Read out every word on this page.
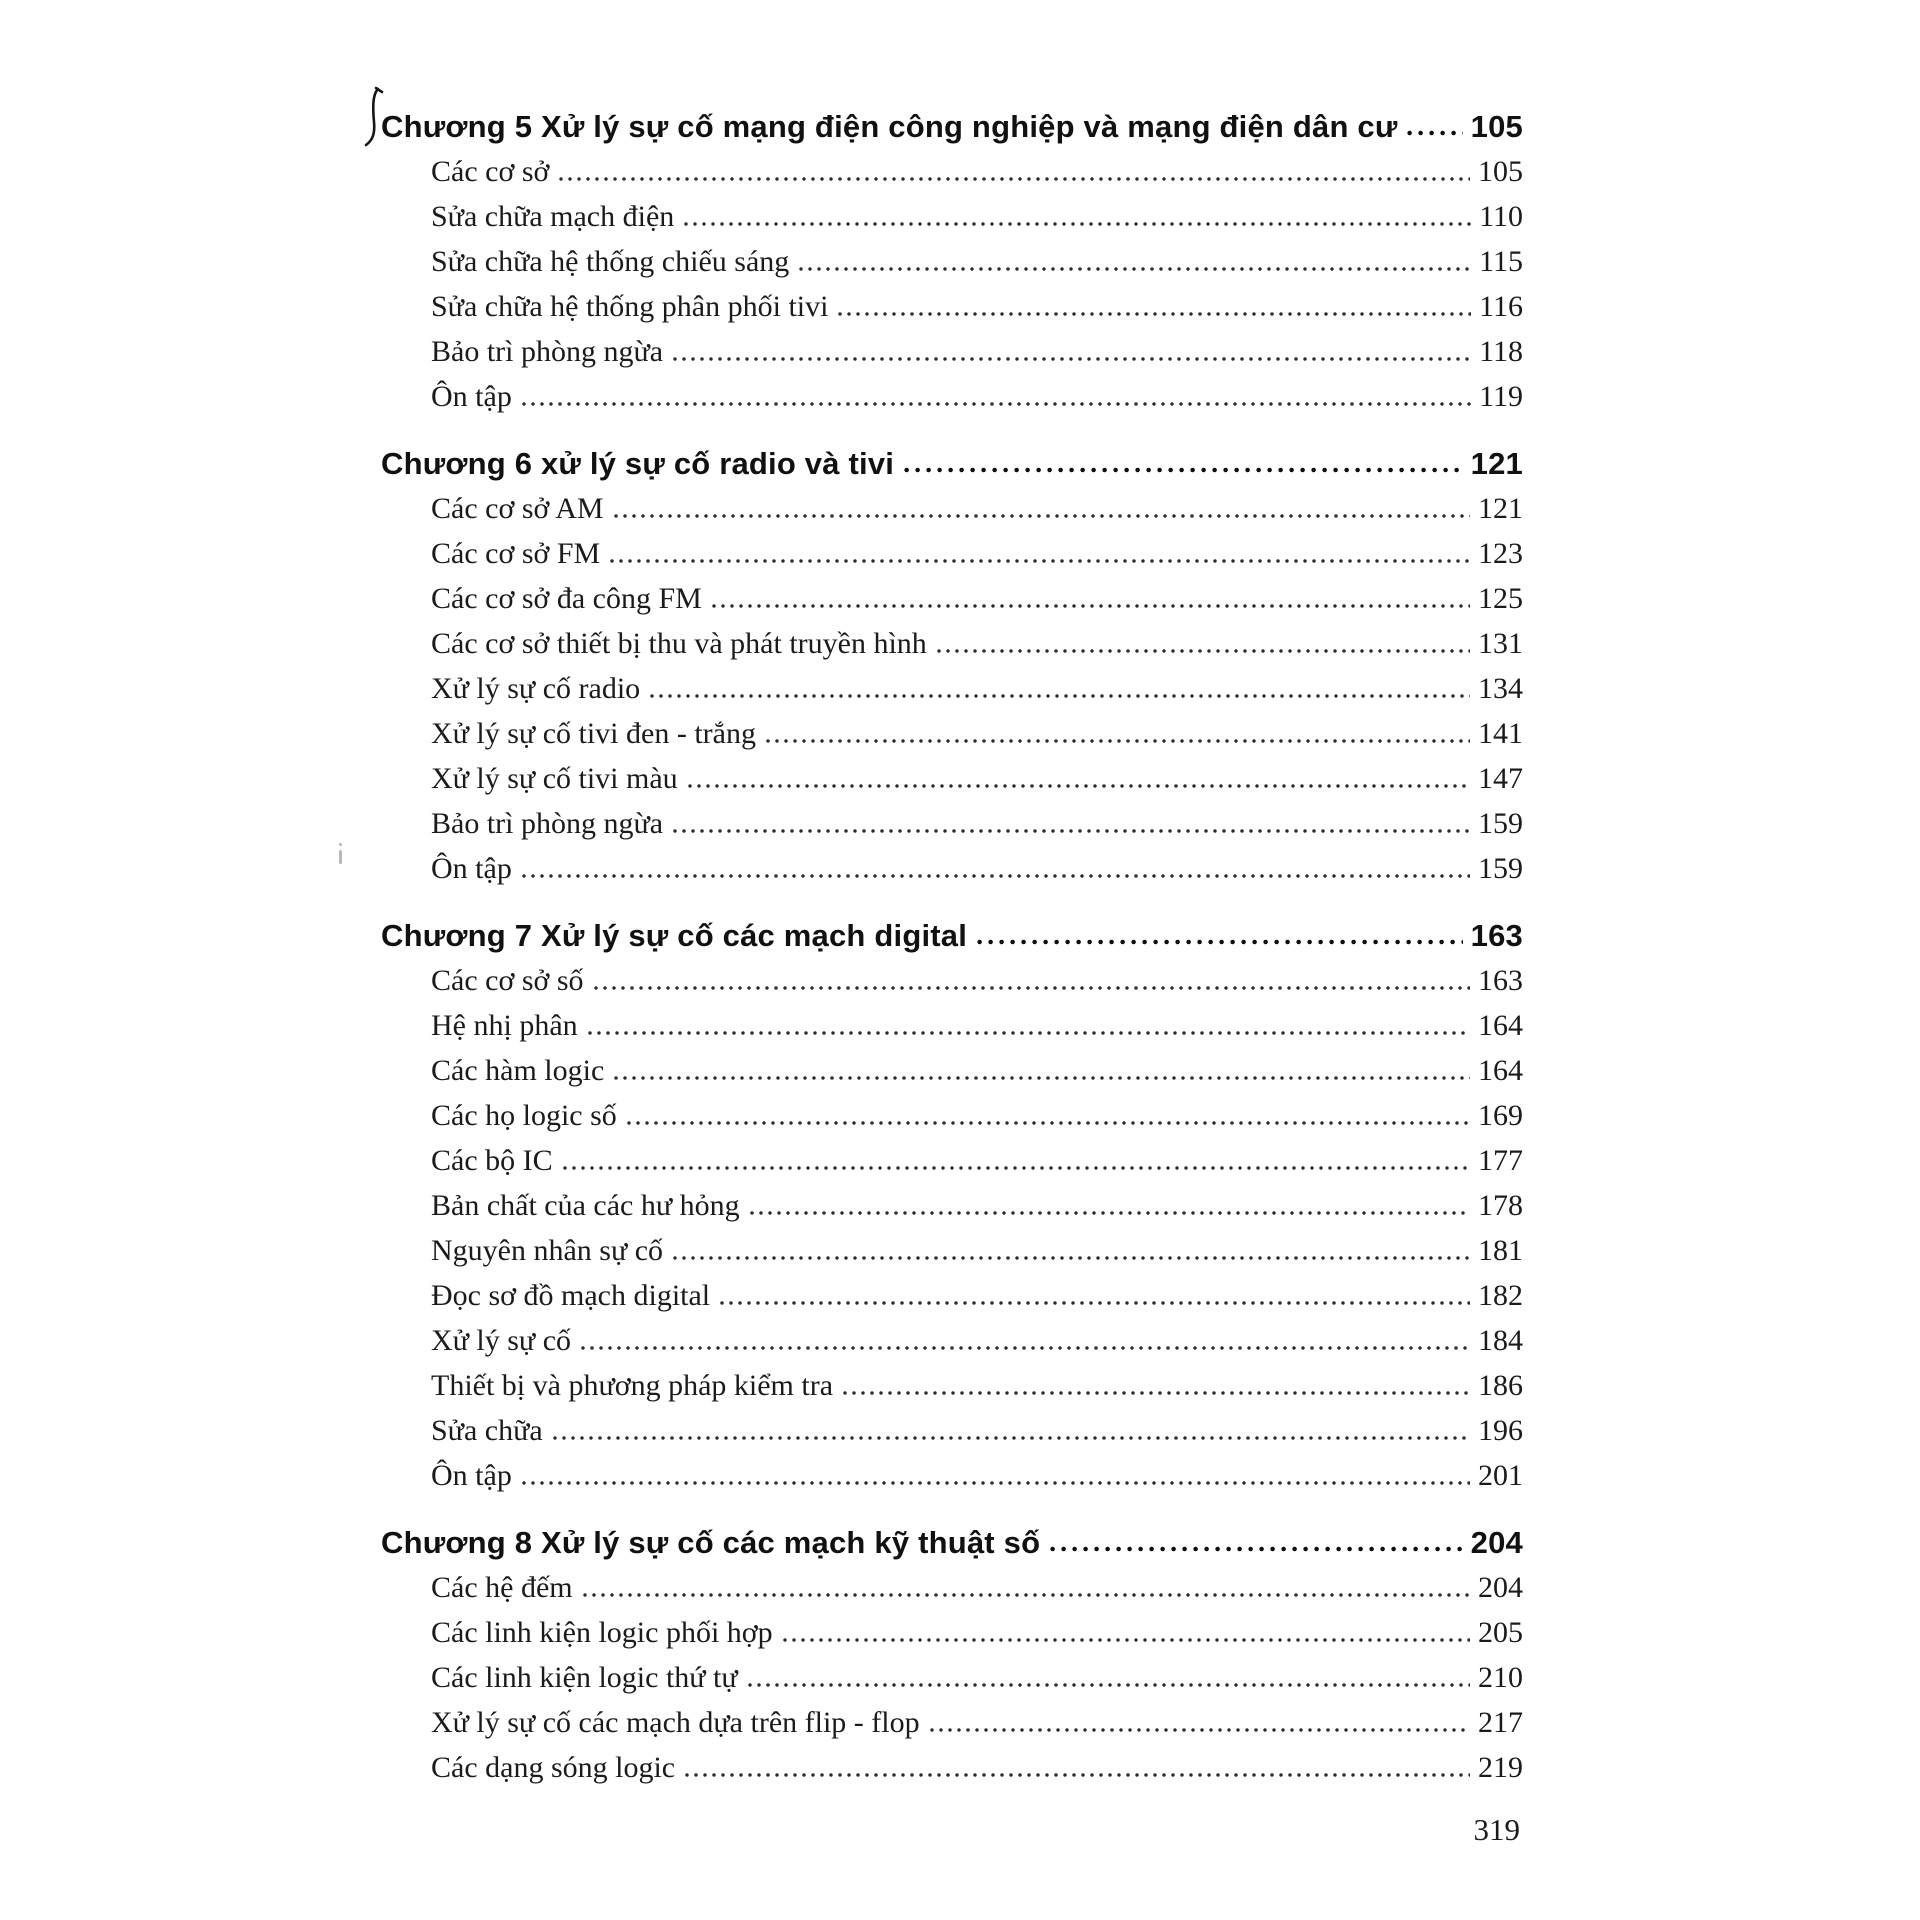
Chương 5 Xử lý sự cố mạng điện công nghiệp và mạng điện dân cư 105
Các cơ sở	105
Sửa chữa mạch điện	110
Sửa chữa hệ thống chiếu sáng	115
Sửa chữa hệ thống phân phối tivi	116
Bảo trì phòng ngừa	118
Ôn tập	119
Chương 6 xử lý sự cố radio và tivi	121
Các cơ sở AM	121
Các cơ sở FM	123
Các cơ sở đa công FM	125
Các cơ sở thiết bị thu và phát truyền hình	131
Xử lý sự cố radio	134
Xử lý sự cố tivi đen - trắng	141
Xử lý sự cố tivi màu	147
Bảo trì phòng ngừa	159
Ôn tập	159
Chương 7 Xử lý sự cố các mạch digital	163
Các cơ sở số	163
Hệ nhị phân	164
Các hàm logic	164
Các họ logic số	169
Các bộ IC	177
Bản chất của các hư hỏng	178
Nguyên nhân sự cố	181
Đọc sơ đồ mạch digital	182
Xử lý sự cố	184
Thiết bị và phương pháp kiểm tra	186
Sửa chữa	196
Ôn tập	201
Chương 8 Xử lý sự cố các mạch kỹ thuật số	204
Các hệ đếm	204
Các linh kiện logic phối hợp	205
Các linh kiện logic thứ tự	210
Xử lý sự cố các mạch dựa trên flip - flop	217
Các dạng sóng logic	219
319
